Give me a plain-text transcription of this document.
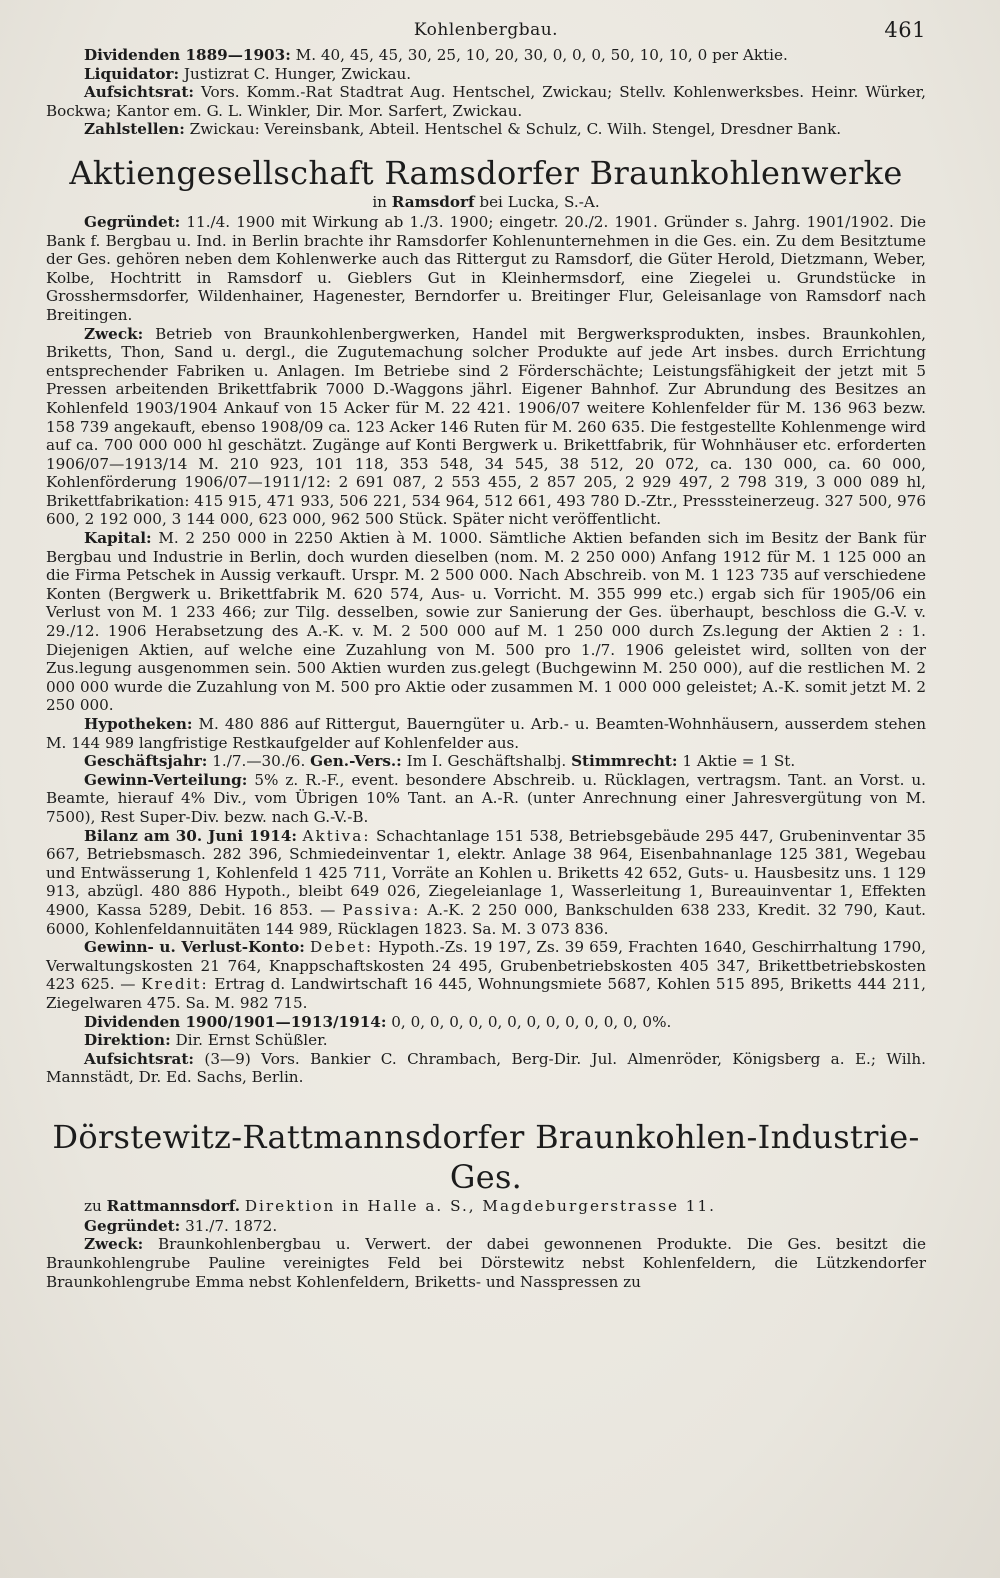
Kohlenbergbau.	461

Dividenden 1889—1903: M. 40, 45, 45, 30, 25, 10, 20, 30, 0, 0, 0, 50, 10, 10, 0 per Aktie.

Liquidator: Justizrat C. Hunger, Zwickau.

Aufsichtsrat: Vors. Komm.-Rat Stadtrat Aug. Hentschel, Zwickau; Stellv. Kohlenwerksbes. Heinr. Würker, Bockwa; Kantor em. G. L. Winkler, Dir. Mor. Sarfert, Zwickau.

Zahlstellen: Zwickau: Vereinsbank, Abteil. Hentschel & Schulz, C. Wilh. Stengel, Dresdner Bank.

Aktiengesellschaft Ramsdorfer Braunkohlenwerke
in Ramsdorf bei Lucka, S.-A.

Gegründet: 11./4. 1900 mit Wirkung ab 1./3. 1900; eingetr. 20./2. 1901. Gründer s. Jahrg. 1901/1902. Die Bank f. Bergbau u. Ind. in Berlin brachte ihr Ramsdorfer Kohlenunternehmen in die Ges. ein. Zu dem Besitztume der Ges. gehören neben dem Kohlenwerke auch das Rittergut zu Ramsdorf, die Güter Herold, Dietzmann, Weber, Kolbe, Hochtritt in Ramsdorf u. Gieblers Gut in Kleinhermsdorf, eine Ziegelei u. Grundstücke in Grosshermsdorfer, Wildenhainer, Hagenester, Berndorfer u. Breitinger Flur, Geleisanlage von Ramsdorf nach Breitingen.

Zweck: Betrieb von Braunkohlenbergwerken, Handel mit Bergwerksprodukten, insbes. Braunkohlen, Briketts, Thon, Sand u. dergl., die Zugutemachung solcher Produkte auf jede Art insbes. durch Errichtung entsprechender Fabriken u. Anlagen. Im Betriebe sind 2 Förderschächte; Leistungsfähigkeit der jetzt mit 5 Pressen arbeitenden Brikettfabrik 7000 D.-Waggons jährl. Eigener Bahnhof. Zur Abrundung des Besitzes an Kohlenfeld 1903/1904 Ankauf von 15 Acker für M. 22 421. 1906/07 weitere Kohlenfelder für M. 136 963 bezw. 158 739 angekauft, ebenso 1908/09 ca. 123 Acker 146 Ruten für M. 260 635. Die festgestellte Kohlenmenge wird auf ca. 700 000 000 hl geschätzt. Zugänge auf Konti Bergwerk u. Brikettfabrik, für Wohnhäuser etc. erforderten 1906/07—1913/14 M. 210 923, 101 118, 353 548, 34 545, 38 512, 20 072, ca. 130 000, ca. 60 000, Kohlenförderung 1906/07—1911/12: 2 691 087, 2 553 455, 2 857 205, 2 929 497, 2 798 319, 3 000 089 hl, Brikettfabrikation: 415 915, 471 933, 506 221, 534 964, 512 661, 493 780 D.-Ztr., Presssteinerzeug. 327 500, 976 600, 2 192 000, 3 144 000, 623 000, 962 500 Stück. Später nicht veröffentlicht.

Kapital: M. 2 250 000 in 2250 Aktien à M. 1000. Sämtliche Aktien befanden sich im Besitz der Bank für Bergbau und Industrie in Berlin, doch wurden dieselben (nom. M. 2 250 000) Anfang 1912 für M. 1 125 000 an die Firma Petschek in Aussig verkauft. Urspr. M. 2 500 000. Nach Abschreib. von M. 1 123 735 auf verschiedene Konten (Bergwerk u. Brikettfabrik M. 620 574, Aus- u. Vorricht. M. 355 999 etc.) ergab sich für 1905/06 ein Verlust von M. 1 233 466; zur Tilg. desselben, sowie zur Sanierung der Ges. überhaupt, beschloss die G.-V. v. 29./12. 1906 Herabsetzung des A.-K. v. M. 2 500 000 auf M. 1 250 000 durch Zs.legung der Aktien 2 : 1. Diejenigen Aktien, auf welche eine Zuzahlung von M. 500 pro 1./7. 1906 geleistet wird, sollten von der Zus.legung ausgenommen sein. 500 Aktien wurden zus.gelegt (Buchgewinn M. 250 000), auf die restlichen M. 2 000 000 wurde die Zuzahlung von M. 500 pro Aktie oder zusammen M. 1 000 000 geleistet; A.-K. somit jetzt M. 2 250 000.

Hypotheken: M. 480 886 auf Rittergut, Bauerngüter u. Arb.- u. Beamten-Wohnhäusern, ausserdem stehen M. 144 989 langfristige Restkaufgelder auf Kohlenfelder aus.

Geschäftsjahr: 1./7.—30./6. Gen.-Vers.: Im I. Geschäftshalbj. Stimmrecht: 1 Aktie = 1 St.

Gewinn-Verteilung: 5% z. R.-F., event. besondere Abschreib. u. Rücklagen, vertragsm. Tant. an Vorst. u. Beamte, hierauf 4% Div., vom Übrigen 10% Tant. an A.-R. (unter Anrechnung einer Jahresvergütung von M. 7500), Rest Super-Div. bezw. nach G.-V.-B.

Bilanz am 30. Juni 1914: Aktiva: Schachtanlage 151 538, Betriebsgebäude 295 447, Grubeninventar 35 667, Betriebsmasch. 282 396, Schmiedeinventar 1, elektr. Anlage 38 964, Eisenbahnanlage 125 381, Wegebau und Entwässerung 1, Kohlenfeld 1 425 711, Vorräte an Kohlen u. Briketts 42 652, Guts- u. Hausbesitz uns. 1 129 913, abzügl. 480 886 Hypoth., bleibt 649 026, Ziegeleianlage 1, Wasserleitung 1, Bureauinventar 1, Effekten 4900, Kassa 5289, Debit. 16 853. — Passiva: A.-K. 2 250 000, Bankschulden 638 233, Kredit. 32 790, Kaut. 6000, Kohlenfeldannuitäten 144 989, Rücklagen 1823. Sa. M. 3 073 836.

Gewinn- u. Verlust-Konto: Debet: Hypoth.-Zs. 19 197, Zs. 39 659, Frachten 1640, Geschirrhaltung 1790, Verwaltungskosten 21 764, Knappschaftskosten 24 495, Grubenbetriebskosten 405 347, Brikettbetriebskosten 423 625. — Kredit: Ertrag d. Landwirtschaft 16 445, Wohnungsmiete 5687, Kohlen 515 895, Briketts 444 211, Ziegelwaren 475. Sa. M. 982 715.

Dividenden 1900/1901—1913/1914: 0, 0, 0, 0, 0, 0, 0, 0, 0, 0, 0, 0, 0, 0%.

Direktion: Dir. Ernst Schüßler.

Aufsichtsrat: (3—9) Vors. Bankier C. Chrambach, Berg-Dir. Jul. Almenröder, Königsberg a. E.; Wilh. Mannstädt, Dr. Ed. Sachs, Berlin.

Dörstewitz-Rattmannsdorfer Braunkohlen-Industrie-Ges.
zu Rattmannsdorf. Direktion in Halle a. S., Magdeburgerstrasse 11.

Gegründet: 31./7. 1872.

Zweck: Braunkohlenbergbau u. Verwert. der dabei gewonnenen Produkte. Die Ges. besitzt die Braunkohlengrube Pauline vereinigtes Feld bei Dörstewitz nebst Kohlenfeldern, die Lützkendorfer Braunkohlengrube Emma nebst Kohlenfeldern, Briketts- und Nasspressen zu
